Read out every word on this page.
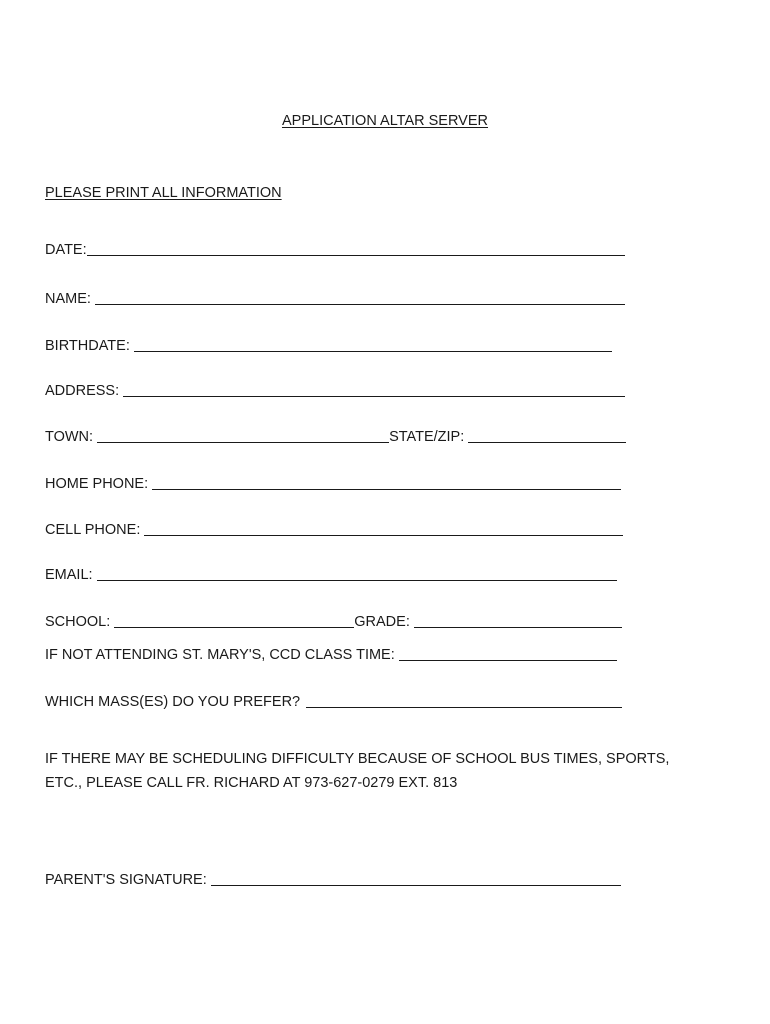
APPLICATION ALTAR SERVER
PLEASE PRINT ALL INFORMATION
DATE:
NAME:
BIRTHDATE:
ADDRESS:
TOWN:	STATE/ZIP:
HOME PHONE:
CELL PHONE:
EMAIL:
SCHOOL:	GRADE:
IF NOT ATTENDING ST. MARY'S, CCD CLASS TIME:
WHICH MASS(ES) DO YOU PREFER?
IF THERE MAY BE SCHEDULING DIFFICULTY BECAUSE OF SCHOOL BUS TIMES, SPORTS,
ETC., PLEASE CALL FR. RICHARD AT 973-627-0279 EXT. 813
PARENT'S SIGNATURE:
